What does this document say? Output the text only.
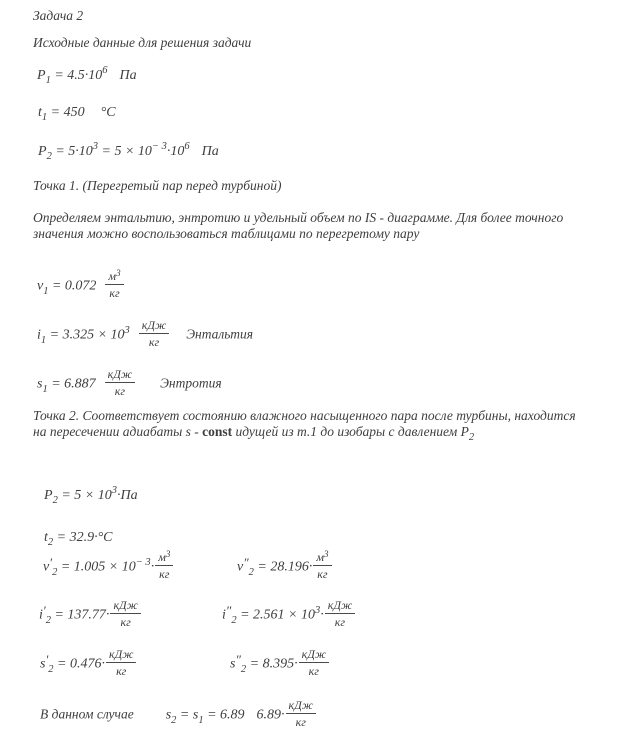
Задача 2
Исходные данные для решения задачи
$P_1 = 4.5\cdot 10^6$ Па
$t_1 = 450$ °C
$P_2 = 5\cdot 10^3 = 5 \times 10^{- 3}\cdot 10^6$ Па
Точка 1. (Перегретый пар перед турбиной)
Определяем энтальтию, энтротию и удельный объем по IS - диаграмме. Для более точного
значения можно воспользоваться таблицами по перегретому пару
$v_1 = 0.072 \frac{м^3}{кг}$
$i_1 = 3.325 \times 10^3 \frac{\text{кДж}}{кг}$ Энтальтия
$s_1 = 6.887 \frac{\text{кДж}}{кг}$ Энтротия
Точка 2. Соответствует состоянию влажного насыщенного пара после турбины, находится
на пересечении адиабаты s - const идущей из т.1 до изобары с давлением $P_2$
$P_2 = 5 \times 10^3\cdot Па$
$t_2 = 32.9\cdot^\circ C$
$v'_2 = 1.005 \times 10^{- 3}\cdot \frac{м^3}{кг}$	$v''_2 = 28.196\cdot \frac{м^3}{кг}$
$i'_2 = 137.77\cdot \frac{\text{кДж}}{кг}$	$i''_2 = 2.561 \times 10^3\cdot \frac{\text{кДж}}{кг}$
$s'_2 = 0.476\cdot \frac{\text{кДж}}{кг}$	$s''_2 = 8.395\cdot \frac{\text{кДж}}{кг}$
В данном случае $s_2 = s_1 = 6.89$ $6.89\cdot \frac{\text{кДж}}{кг}$
